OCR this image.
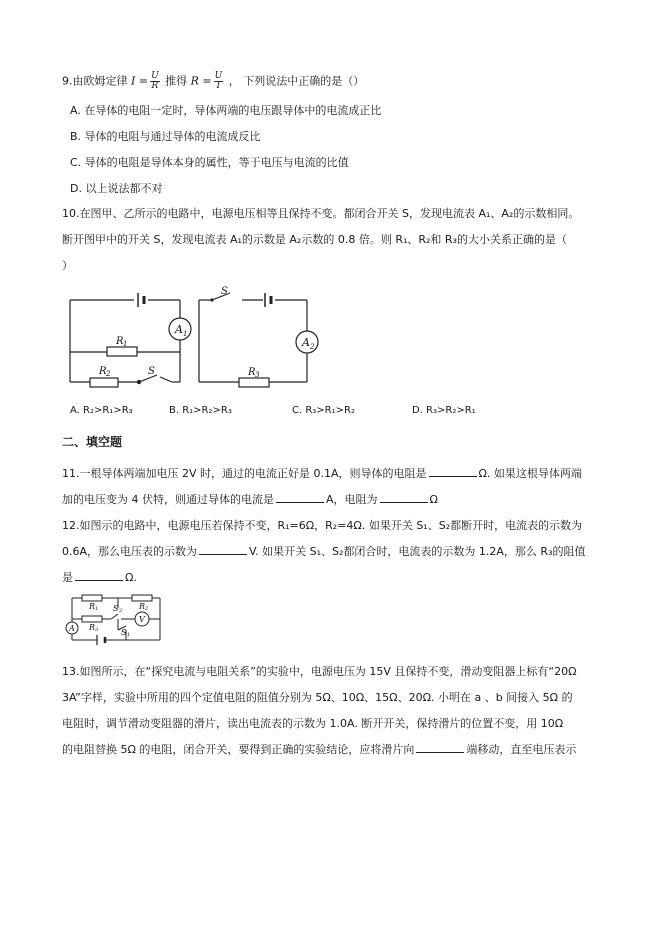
9.由欧姆定律 $I = \frac{U}{R}$ 推得 $R = \frac{U}{I}$ ， 下列说法中正确的是（）
A. 在导体的电阻一定时，导体两端的电压跟导体中的电流成正比
B. 导体的电阻与通过导体的电流成反比
C. 导体的电阻是导体本身的属性，等于电压与电流的比值
D. 以上说法都不对
10.在图甲、乙所示的电路中，电源电压相等且保持不变。都闭合开关 S，发现电流表 A₁、A₂的示数相同。
断开图甲中的开关 S，发现电流表 A₁的示数是 A₂示数的 0.8 倍。则 R₁、R₂和 R₃的大小关系正确的是（
）
A 1
R 1
R 2	S
S
A 2
R 3
A. R₂>R₁>R₃	B. R₁>R₂>R₃	C. R₃>R₁>R₂	D. R₃>R₂>R₁
二、填空题
11.一根导体两端加电压 2V 时，通过的电流正好是 0.1A，则导体的电阻是	Ω. 如果这根导体两端
加的电压变为 4 伏特，则通过导体的电流是	A，电阻为	Ω
12.如图示的电路中，电源电压若保持不变，R₁=6Ω，R₂=4Ω. 如果开关 S₁、S₂都断开时，电流表的示数为
0.6A，那么电压表的示数为	V. 如果开关 S₁、S₂都闭合时，电流表的示数为 1.2A，那么 R₃的阻值
是	Ω.
R 1	R 2
R 3
S 2
S 1
A
V
13.如图所示，在“探究电流与电阻关系”的实验中，电源电压为 15V 且保持不变，滑动变阻器上标有“20Ω
3A”字样，实验中所用的四个定值电阻的阻值分别为 5Ω、10Ω、15Ω、20Ω. 小明在 a 、b 间接入 5Ω 的
电阻时，调节滑动变阻器的滑片，读出电流表的示数为 1.0A. 断开开关，保持滑片的位置不变，用 10Ω
的电阻替换 5Ω 的电阻，闭合开关，要得到正确的实验结论，应将滑片向	端移动，直至电压表示
